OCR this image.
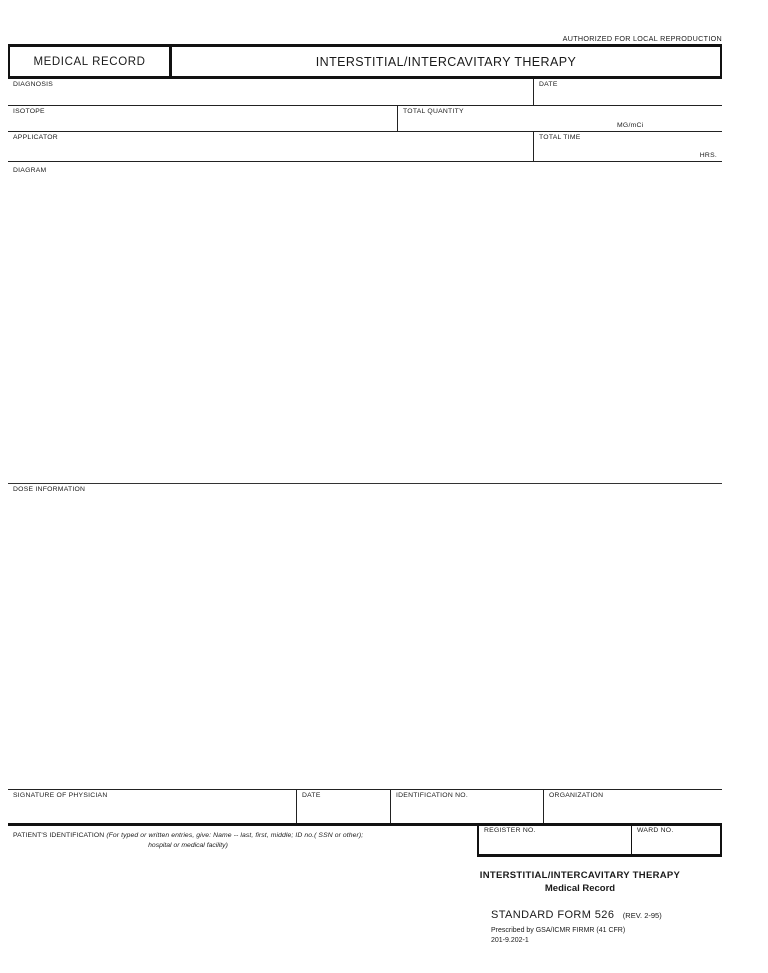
AUTHORIZED FOR LOCAL REPRODUCTION
MEDICAL RECORD	INTERSTITIAL/INTERCAVITARY THERAPY
DIAGNOSIS	DATE
ISOTOPE	TOTAL QUANTITY
MG/mCi
APPLICATOR	TOTAL TIME
HRS.
DIAGRAM
DOSE INFORMATION
SIGNATURE OF PHYSICIAN	DATE	IDENTIFICATION NO.	ORGANIZATION
PATIENT'S IDENTIFICATION (For typed or written entries, give: Name -- last, first, middle; ID no.( SSN or other);
hospital or medical facility)
REGISTER NO.	WARD NO.
INTERSTITIAL/INTERCAVITARY THERAPY
Medical Record
STANDARD FORM 526 (REV. 2-95)
Prescribed by GSA/ICMR FIRMR (41 CFR)
201-9.202-1
